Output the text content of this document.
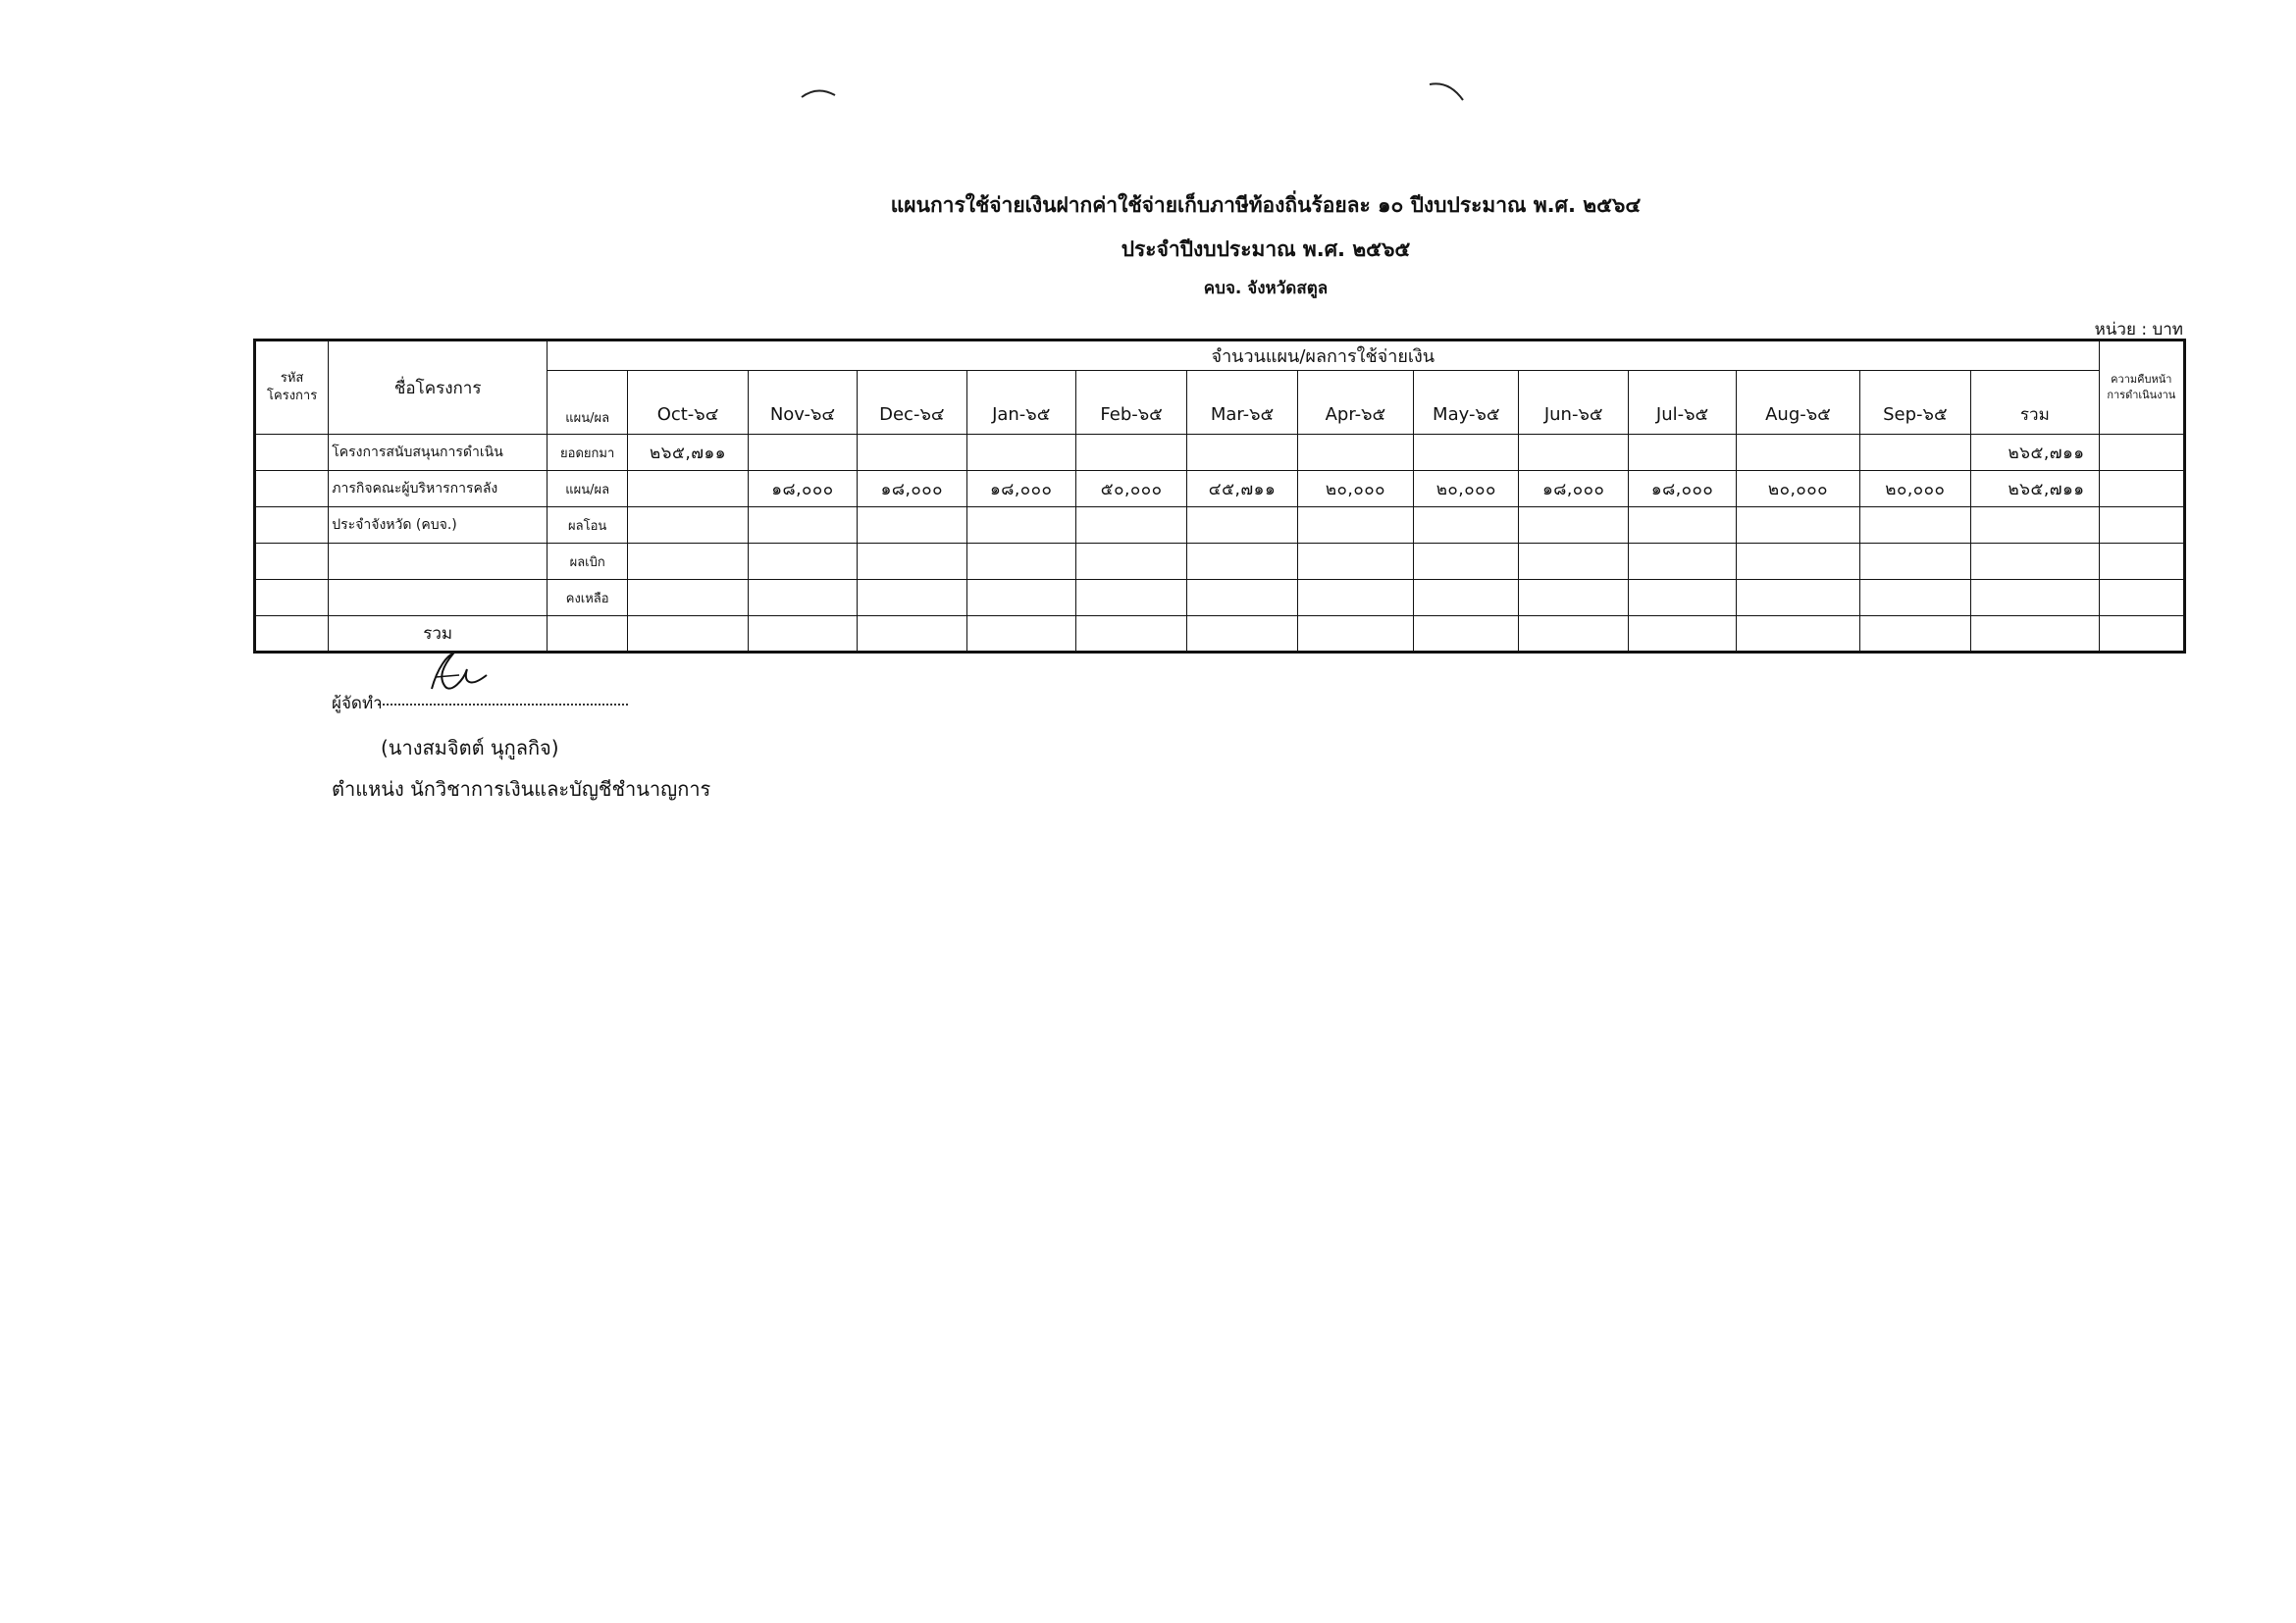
แผนการใช้จ่ายเงินฝากค่าใช้จ่ายเก็บภาษีท้องถิ่นร้อยละ ๑๐ ปีงบประมาณ พ.ศ. ๒๕๖๔
ประจำปีงบประมาณ พ.ศ. ๒๕๖๕
คบจ. จังหวัดสตูล
หน่วย : บาท
รหัส โครงการ	ชื่อโครงการ	จำนวนแผน/ผลการใช้จ่ายเงิน														ความคืบหน้าการดำเนินงาน
		แผน/ผล	Oct-๖๔	Nov-๖๔	Dec-๖๔	Jan-๖๕	Feb-๖๕	Mar-๖๕	Apr-๖๕	May-๖๕	Jun-๖๕	Jul-๖๕	Aug-๖๕	Sep-๖๕	รวม	
	โครงการสนับสนุนการดำเนิน	ยอดยกมา	๒๖๕,๗๑๑												๒๖๕,๗๑๑	
	ภารกิจคณะผู้บริหารการคลัง	แผน/ผล		๑๘,๐๐๐	๑๘,๐๐๐	๑๘,๐๐๐	๕๐,๐๐๐	๔๕,๗๑๑	๒๐,๐๐๐	๒๐,๐๐๐	๑๘,๐๐๐	๑๘,๐๐๐	๒๐,๐๐๐	๒๐,๐๐๐	๒๖๕,๗๑๑	
	ประจำจังหวัด (คบจ.)	ผลโอน														
		ผลเบิก														
		คงเหลือ														
	รวม															
ผู้จัดทำ
(นางสมจิตต์ นุกูลกิจ)
ตำแหน่ง นักวิชาการเงินและบัญชีชำนาญการ
